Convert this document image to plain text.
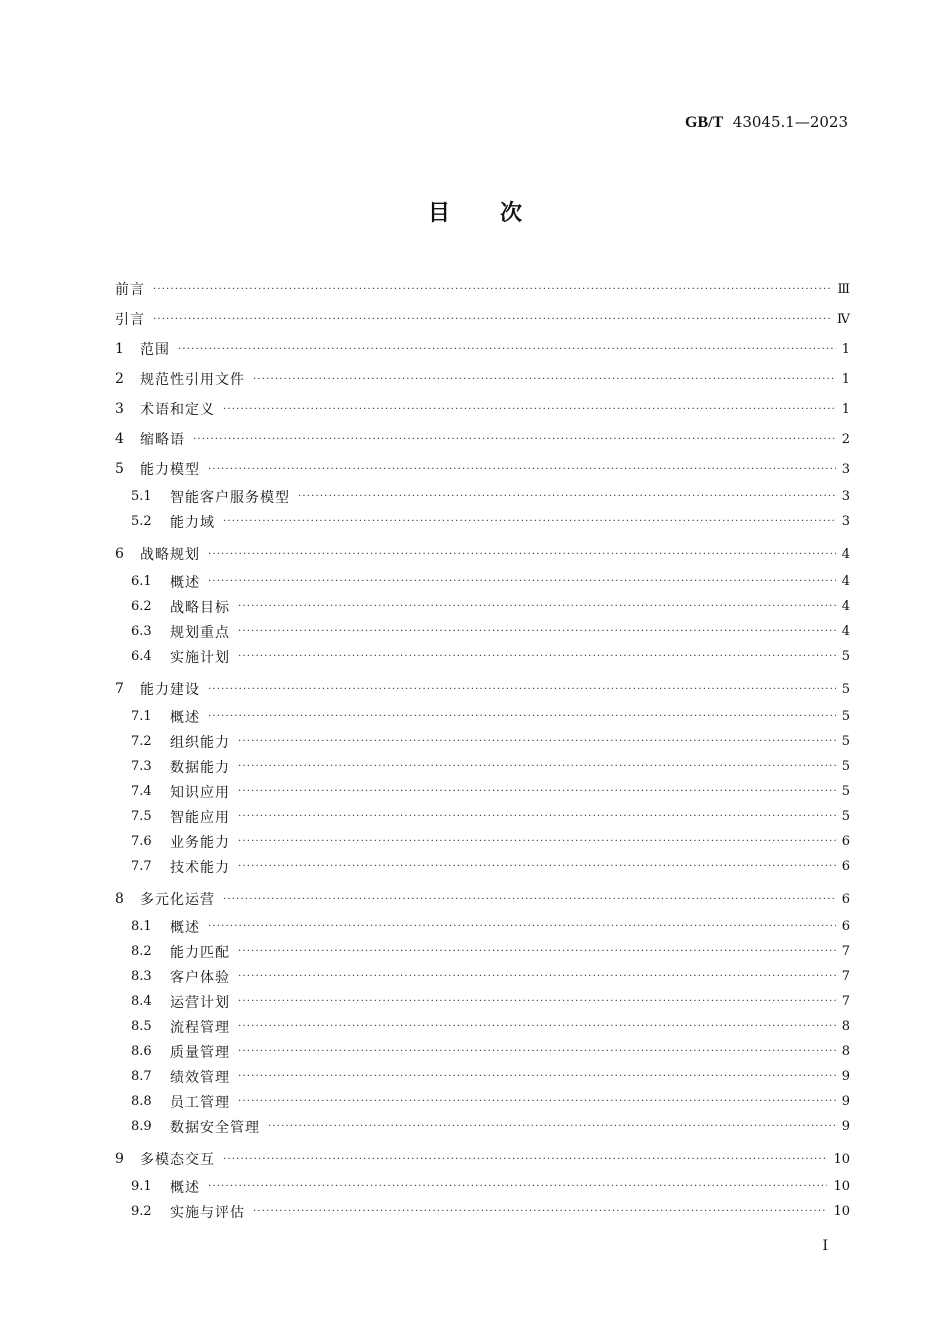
GB/T 43045.1—2023
目次
前言 ·····	Ⅲ
引言 ·····	Ⅳ
1	范围 ·····	1
2	规范性引用文件 ·····	1
3	术语和定义 ·····	1
4	缩略语 ·····	2
5	能力模型 ·····	3
5.1	智能客户服务模型 ·····	3
5.2	能力域 ·····	3
6	战略规划 ·····	4
6.1	概述 ·····	4
6.2	战略目标 ·····	4
6.3	规划重点 ·····	4
6.4	实施计划 ·····	5
7	能力建设 ·····	5
7.1	概述 ·····	5
7.2	组织能力 ·····	5
7.3	数据能力 ·····	5
7.4	知识应用 ·····	5
7.5	智能应用 ·····	5
7.6	业务能力 ·····	6
7.7	技术能力 ·····	6
8	多元化运营 ·····	6
8.1	概述 ·····	6
8.2	能力匹配 ·····	7
8.3	客户体验 ·····	7
8.4	运营计划 ·····	7
8.5	流程管理 ·····	8
8.6	质量管理 ·····	8
8.7	绩效管理 ·····	9
8.8	员工管理 ·····	9
8.9	数据安全管理 ·····	9
9	多模态交互 ·····	10
9.1	概述 ·····	10
9.2	实施与评估 ·····	10
Ⅰ
